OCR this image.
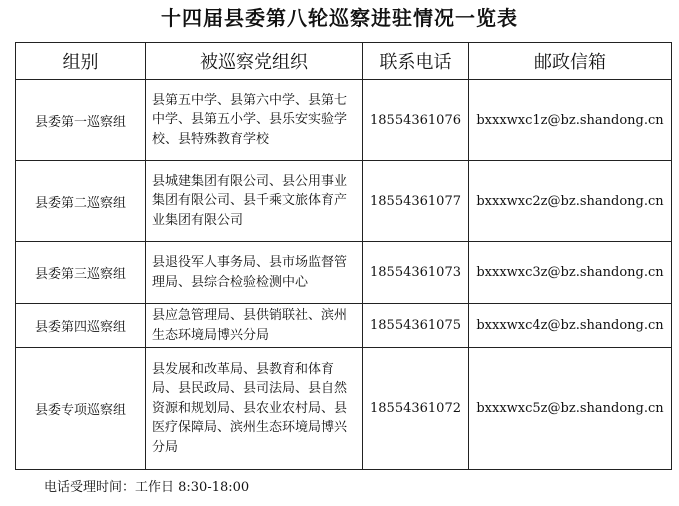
十四届县委第八轮巡察进驻情况一览表
组别	被巡察党组织	联系电话	邮政信箱
县委第一巡察组	县第五中学、县第六中学、县第七中学、县第五小学、县乐安实验学校、县特殊教育学校	18554361076	bxxxwxc1z@bz.shandong.cn
县委第二巡察组	县城建集团有限公司、县公用事业集团有限公司、县千乘文旅体育产业集团有限公司	18554361077	bxxxwxc2z@bz.shandong.cn
县委第三巡察组	县退役军人事务局、县市场监督管理局、县综合检验检测中心	18554361073	bxxxwxc3z@bz.shandong.cn
县委第四巡察组	县应急管理局、县供销联社、滨州生态环境局博兴分局	18554361075	bxxxwxc4z@bz.shandong.cn
县委专项巡察组	县发展和改革局、县教育和体育局、县民政局、县司法局、县自然资源和规划局、县农业农村局、县医疗保障局、滨州生态环境局博兴分局	18554361072	bxxxwxc5z@bz.shandong.cn
电话受理时间：工作日 8:30-18:00
